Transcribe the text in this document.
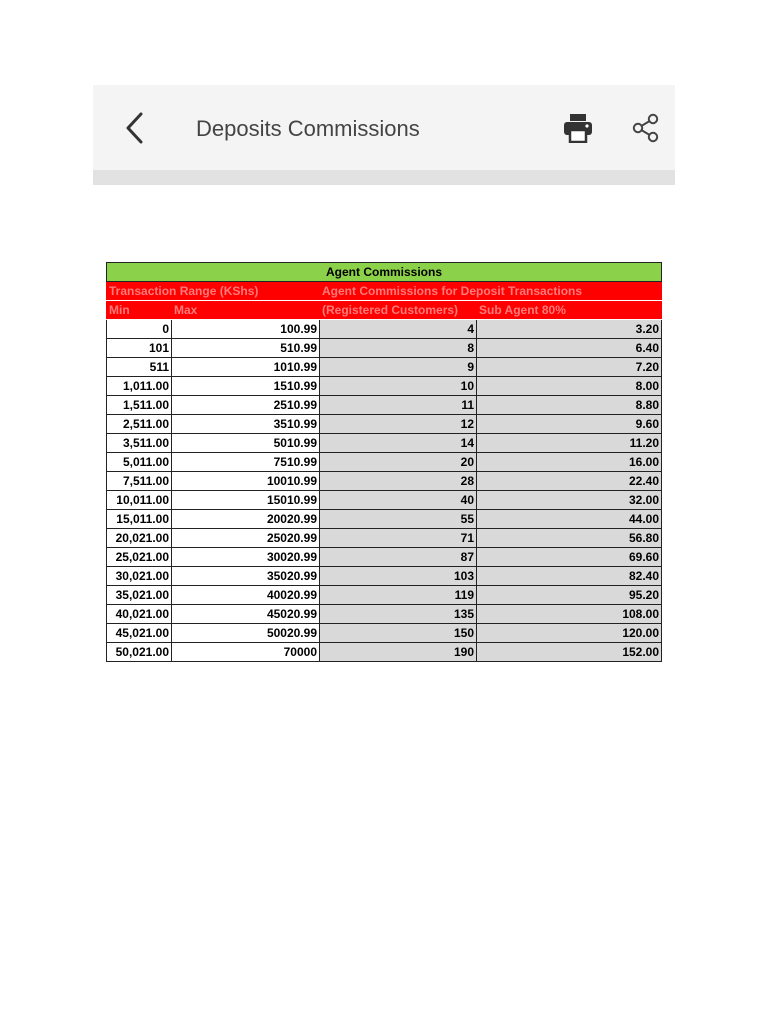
Deposits Commissions
Agent Commissions			
Transaction Range (KShs)		Agent Commissions for Deposit Transactions	
Min	Max	(Registered Customers)	Sub Agent 80%
0	100.99	4	3.20
101	510.99	8	6.40
511	1010.99	9	7.20
1,011.00	1510.99	10	8.00
1,511.00	2510.99	11	8.80
2,511.00	3510.99	12	9.60
3,511.00	5010.99	14	11.20
5,011.00	7510.99	20	16.00
7,511.00	10010.99	28	22.40
10,011.00	15010.99	40	32.00
15,011.00	20020.99	55	44.00
20,021.00	25020.99	71	56.80
25,021.00	30020.99	87	69.60
30,021.00	35020.99	103	82.40
35,021.00	40020.99	119	95.20
40,021.00	45020.99	135	108.00
45,021.00	50020.99	150	120.00
50,021.00	70000	190	152.00
